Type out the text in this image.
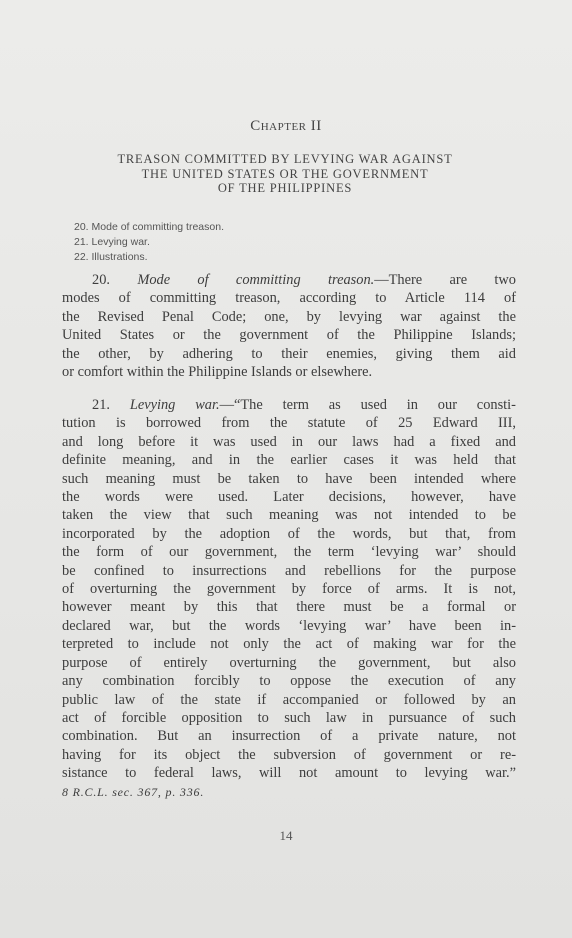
Chapter II
TREASON COMMITTED BY LEVYING WAR AGAINST
THE UNITED STATES OR THE GOVERNMENT
OF THE PHILIPPINES
20. Mode of committing treason.
21. Levying war.
22. Illustrations.
20. Mode of committing treason.—There are two
modes of committing treason, according to Article 114 of
the Revised Penal Code; one, by levying war against the
United States or the government of the Philippine Islands;
the other, by adhering to their enemies, giving them aid
or comfort within the Philippine Islands or elsewhere.
21. Levying war.—“The term as used in our consti-
tution is borrowed from the statute of 25 Edward III,
and long before it was used in our laws had a fixed and
definite meaning, and in the earlier cases it was held that
such meaning must be taken to have been intended where
the words were used. Later decisions, however, have
taken the view that such meaning was not intended to be
incorporated by the adoption of the words, but that, from
the form of our government, the term ‘levying war’ should
be confined to insurrections and rebellions for the purpose
of overturning the government by force of arms. It is not,
however meant by this that there must be a formal or
declared war, but the words ‘levying war’ have been in-
terpreted to include not only the act of making war for the
purpose of entirely overturning the government, but also
any combination forcibly to oppose the execution of any
public law of the state if accompanied or followed by an
act of forcible opposition to such law in pursuance of such
combination. But an insurrection of a private nature, not
having for its object the subversion of government or re-
sistance to federal laws, will not amount to levying war.”
8 R.C.L. sec. 367, p. 336.
14
